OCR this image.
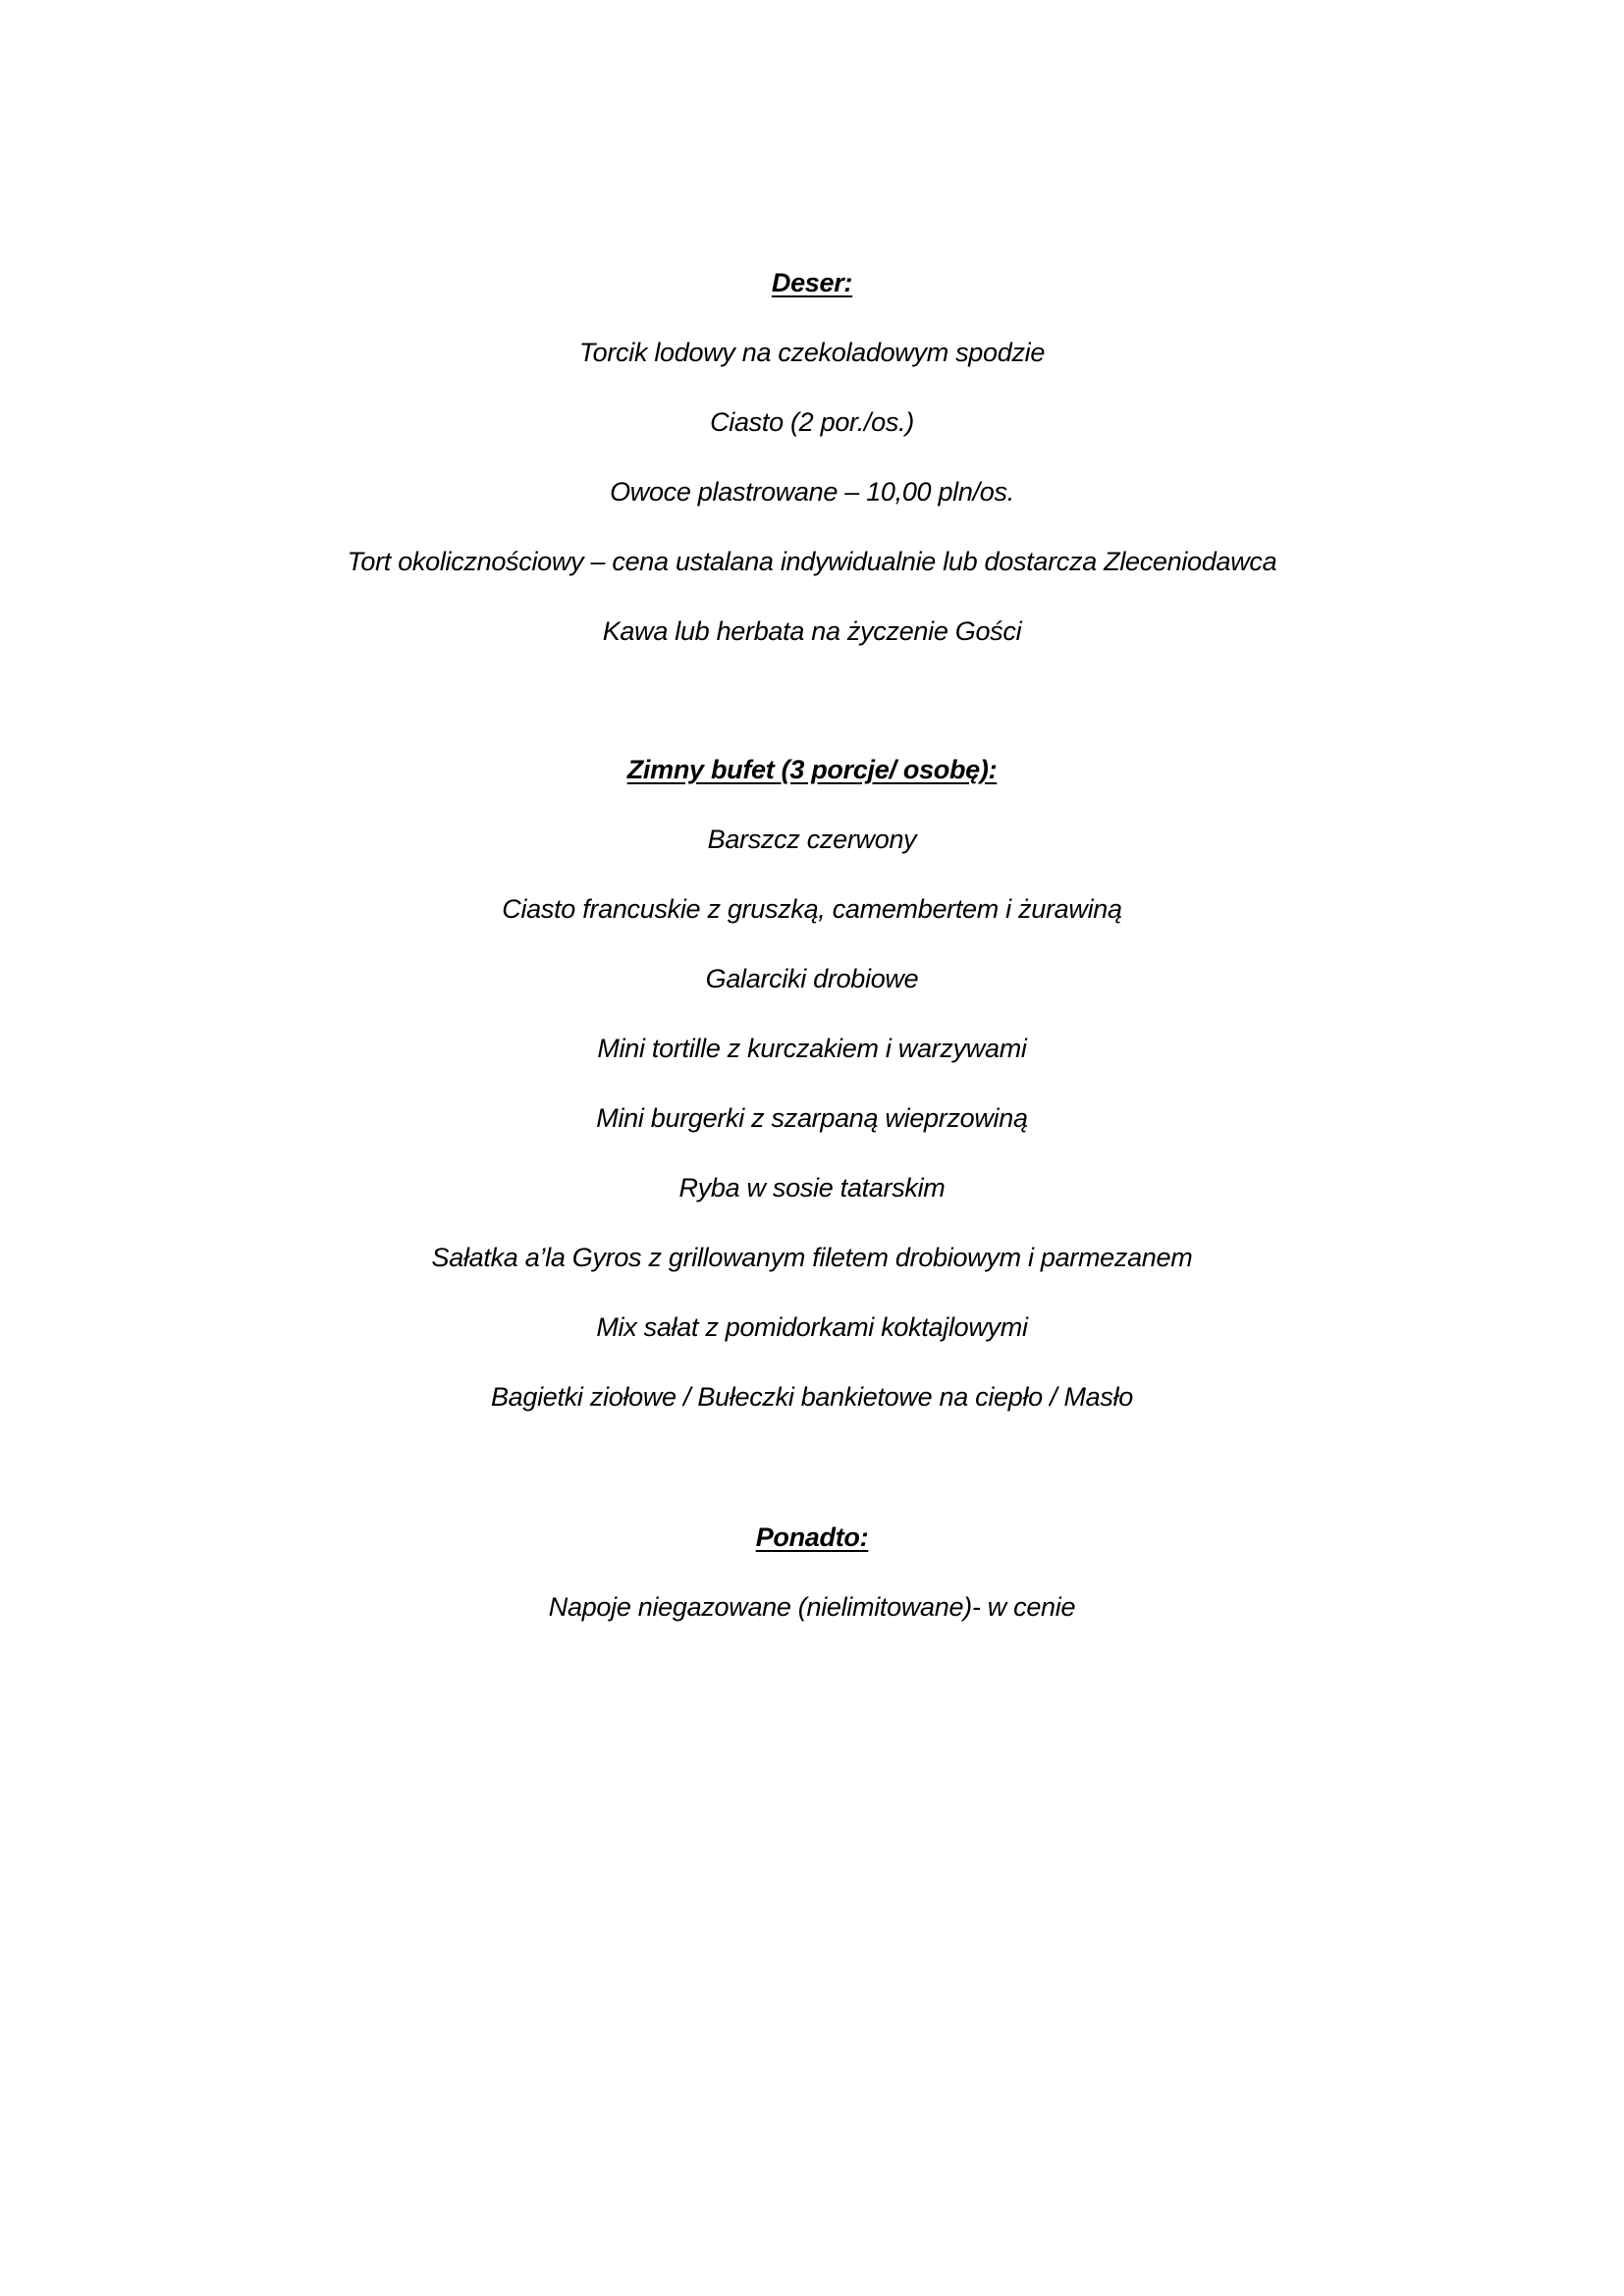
Deser:

Torcik lodowy na czekoladowym spodzie

Ciasto (2 por./os.)

Owoce plastrowane – 10,00 pln/os.

Tort okolicznościowy – cena ustalana indywidualnie lub dostarcza Zleceniodawca

Kawa lub herbata na życzenie Gości

Zimny bufet (3 porcje/ osobę):

Barszcz czerwony

Ciasto francuskie z gruszką, camembertem i żurawiną

Galarciki drobiowe

Mini tortille z kurczakiem i warzywami

Mini burgerki z szarpaną wieprzowiną

Ryba w sosie tatarskim

Sałatka a’la Gyros z grillowanym filetem drobiowym i parmezanem

Mix sałat z pomidorkami koktajlowymi

Bagietki ziołowe / Bułeczki bankietowe na ciepło / Masło

Ponadto:

Napoje niegazowane (nielimitowane)- w cenie
